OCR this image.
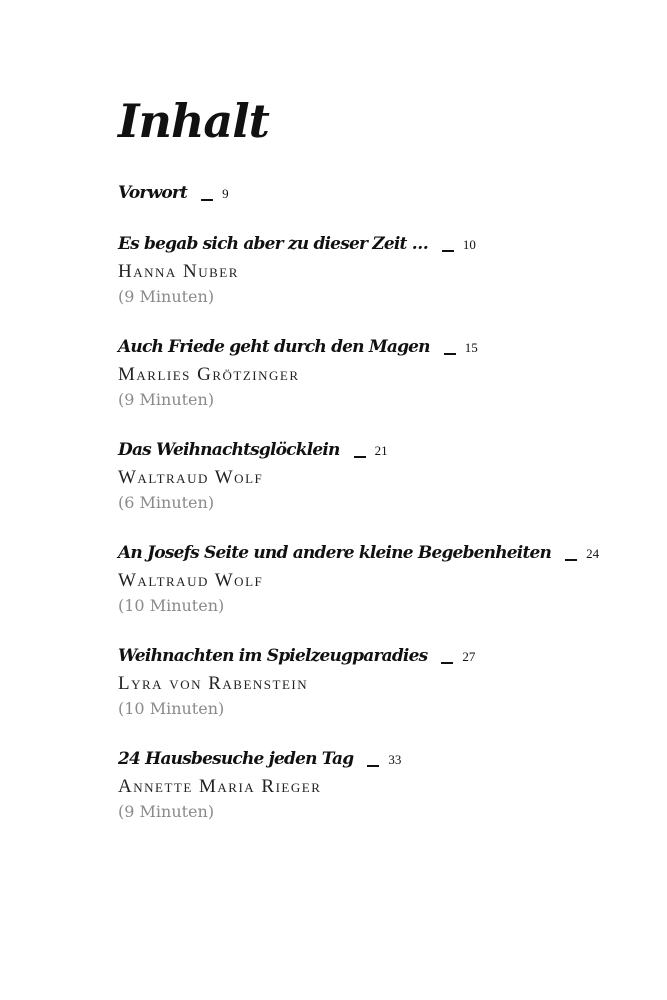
Inhalt
Vorwort	9
Es begab sich aber zu dieser Zeit …	10
Hanna Nuber
(9 Minuten)
Auch Friede geht durch den Magen	15
Marlies Grötzinger
(9 Minuten)
Das Weihnachtsglöcklein	21
Waltraud Wolf
(6 Minuten)
An Josefs Seite und andere kleine Begebenheiten	24
Waltraud Wolf
(10 Minuten)
Weihnachten im Spielzeugparadies	27
Lyra von Rabenstein
(10 Minuten)
24 Hausbesuche jeden Tag	33
Annette Maria Rieger
(9 Minuten)
